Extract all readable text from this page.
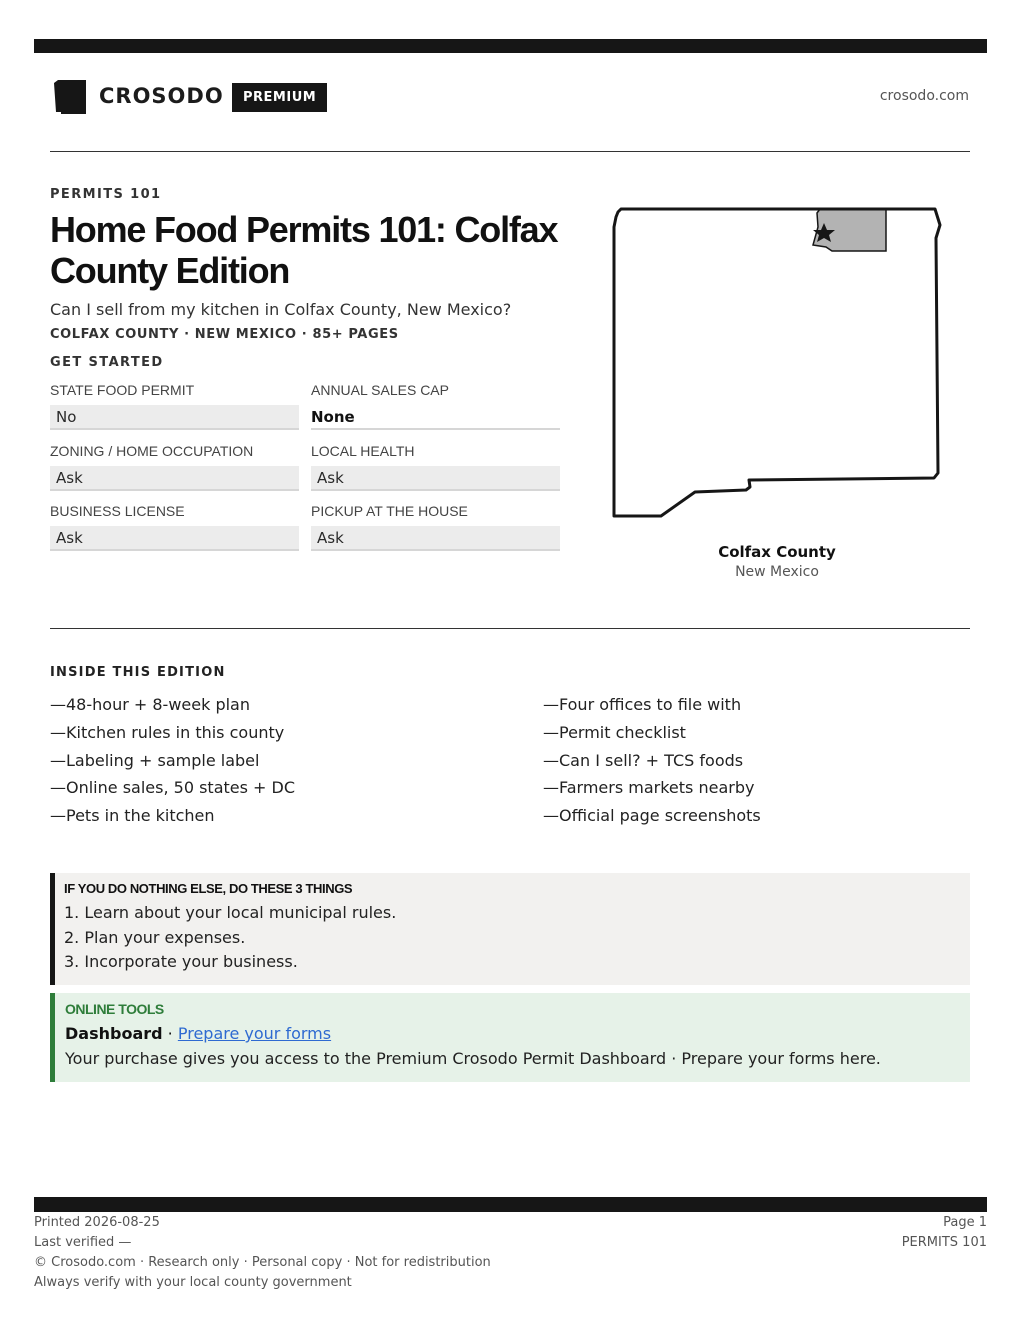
CROSODO	PREMIUM	crosodo.com
PERMITS 101
Home Food Permits 101: Colfax County Edition
Can I sell from my kitchen in Colfax County, New Mexico?
COLFAX COUNTY · NEW MEXICO · 85+ PAGES
GET STARTED
STATE FOOD PERMIT
No
ANNUAL SALES CAP
None
ZONING / HOME OCCUPATION
Ask
LOCAL HEALTH
Ask
BUSINESS LICENSE
Ask
PICKUP AT THE HOUSE
Ask
Colfax County
New Mexico
INSIDE THIS EDITION
—48-hour + 8-week plan
—Kitchen rules in this county
—Labeling + sample label
—Online sales, 50 states + DC
—Pets in the kitchen
—Four offices to file with
—Permit checklist
—Can I sell? + TCS foods
—Farmers markets nearby
—Official page screenshots
IF YOU DO NOTHING ELSE, DO THESE 3 THINGS
1. Learn about your local municipal rules.
2. Plan your expenses.
3. Incorporate your business.
ONLINE TOOLS
Dashboard · Prepare your forms
Your purchase gives you access to the Premium Crosodo Permit Dashboard · Prepare your forms here.
Printed 2026-08-25
Last verified —
© Crosodo.com · Research only · Personal copy · Not for redistribution
Always verify with your local county government
Page 1
PERMITS 101
